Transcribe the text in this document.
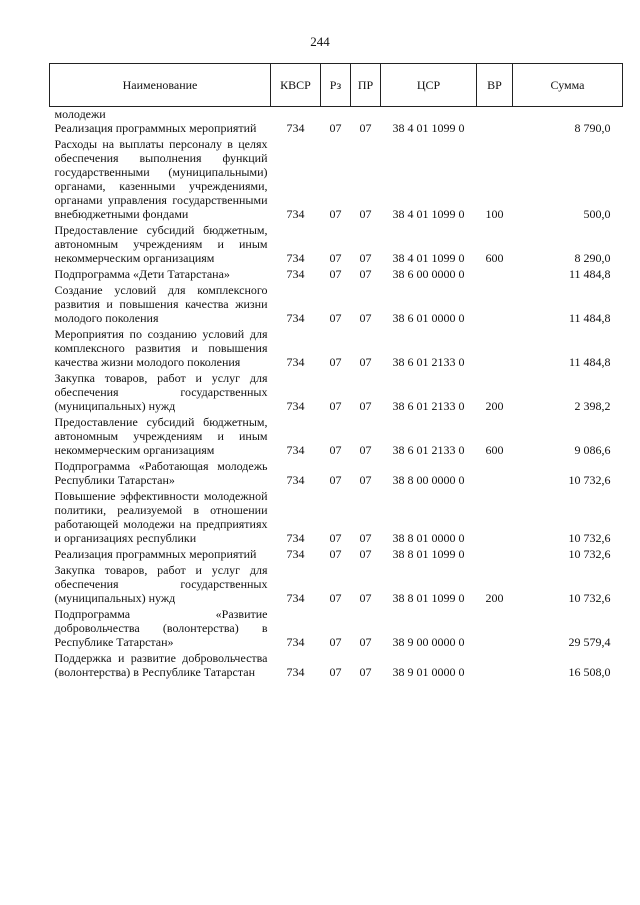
244
Наименование	КВСР	Рз	ПР	ЦСР	ВР	Сумма
молодежи						
Реализация программных мероприятий	734	07	07	38 4 01 1099 0		8 790,0
Расходы на выплаты персоналу в целях обеспечения выполнения функций государственными (муниципальными) органами, казенными учреждениями, органами управления государственными внебюджетными фондами	734	07	07	38 4 01 1099 0	100	500,0
Предоставление субсидий бюджетным, автономным учреждениям и иным некоммерческим организациям	734	07	07	38 4 01 1099 0	600	8 290,0
Подпрограмма «Дети Татарстана»	734	07	07	38 6 00 0000 0		11 484,8
Создание условий для комплексного развития и повышения качества жизни молодого поколения	734	07	07	38 6 01 0000 0		11 484,8
Мероприятия по созданию условий для комплексного развития и повышения качества жизни молодого поколения	734	07	07	38 6 01 2133 0		11 484,8
Закупка товаров, работ и услуг для обеспечения государственных (муниципальных) нужд	734	07	07	38 6 01 2133 0	200	2 398,2
Предоставление субсидий бюджетным, автономным учреждениям и иным некоммерческим организациям	734	07	07	38 6 01 2133 0	600	9 086,6
Подпрограмма «Работающая молодежь Республики Татарстан»	734	07	07	38 8 00 0000 0		10 732,6
Повышение эффективности молодежной политики, реализуемой в отношении работающей молодежи на предприятиях и организациях республики	734	07	07	38 8 01 0000 0		10 732,6
Реализация программных мероприятий	734	07	07	38 8 01 1099 0		10 732,6
Закупка товаров, работ и услуг для обеспечения государственных (муниципальных) нужд	734	07	07	38 8 01 1099 0	200	10 732,6
Подпрограмма «Развитие добровольчества (волонтерства) в Республике Татарстан»	734	07	07	38 9 00 0000 0		29 579,4
Поддержка и развитие добровольчества (волонтерства) в Республике Татарстан	734	07	07	38 9 01 0000 0		16 508,0
